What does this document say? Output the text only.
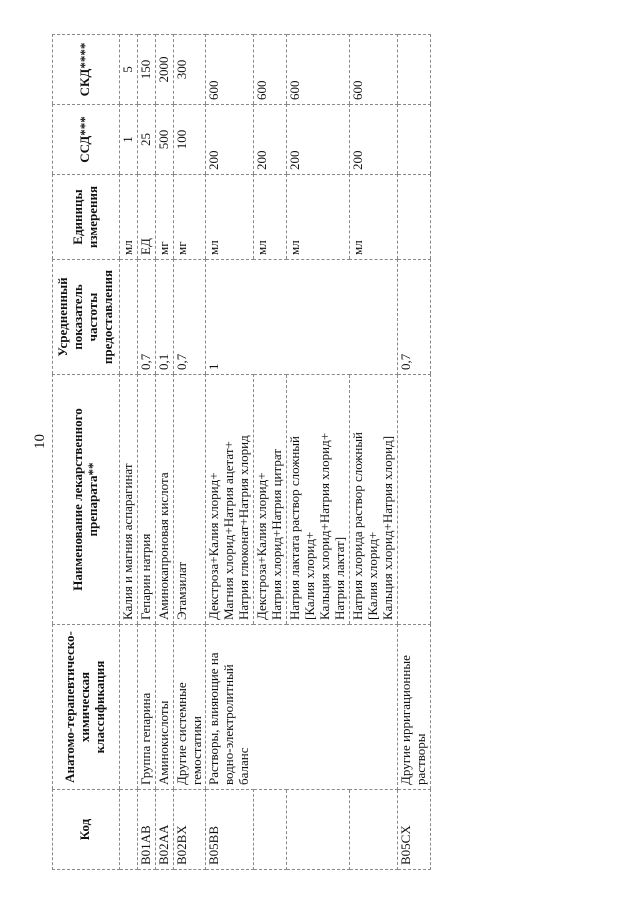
10
Код	Анатомо-терапевтическо-химическая классификация	Наименование лекарственного препарата**	Усредненный показатель частоты предоставления	Единицы измерения	ССД***	СКД****

		Калия и магния аспарагинат		мл	1	5
B01AB	Группа гепарина	Гепарин натрия	0,7	ЕД	25	150
B02AA	Аминокислоты	Аминокапроновая кислота	0,1	мг	500	2000
B02BX	Другие системные гемостатики	Этамзилат	0,7	мг	100	300
B05BB	Растворы, влияющие на водно-электролитный баланс	Декстроза+Калия хлорид+ Магния хлорид+Натрия ацетат+ Натрия глюконат+Натрия хлорид	1	мл	200	600

		Декстроза+Калия хлорид+ Натрия хлорид+Натрия цитрат		мл	200	600

		Натрия лактата раствор сложный [Калия хлорид+ Кальция хлорид+Натрия хлорид+ Натрия лактат]		мл	200	600

		Натрия хлорида раствор сложный [Калия хлорид+ Кальция хлорид+Натрия хлорид]		мл	200	600
B05CX	Другие ирригационные растворы		0,7			
